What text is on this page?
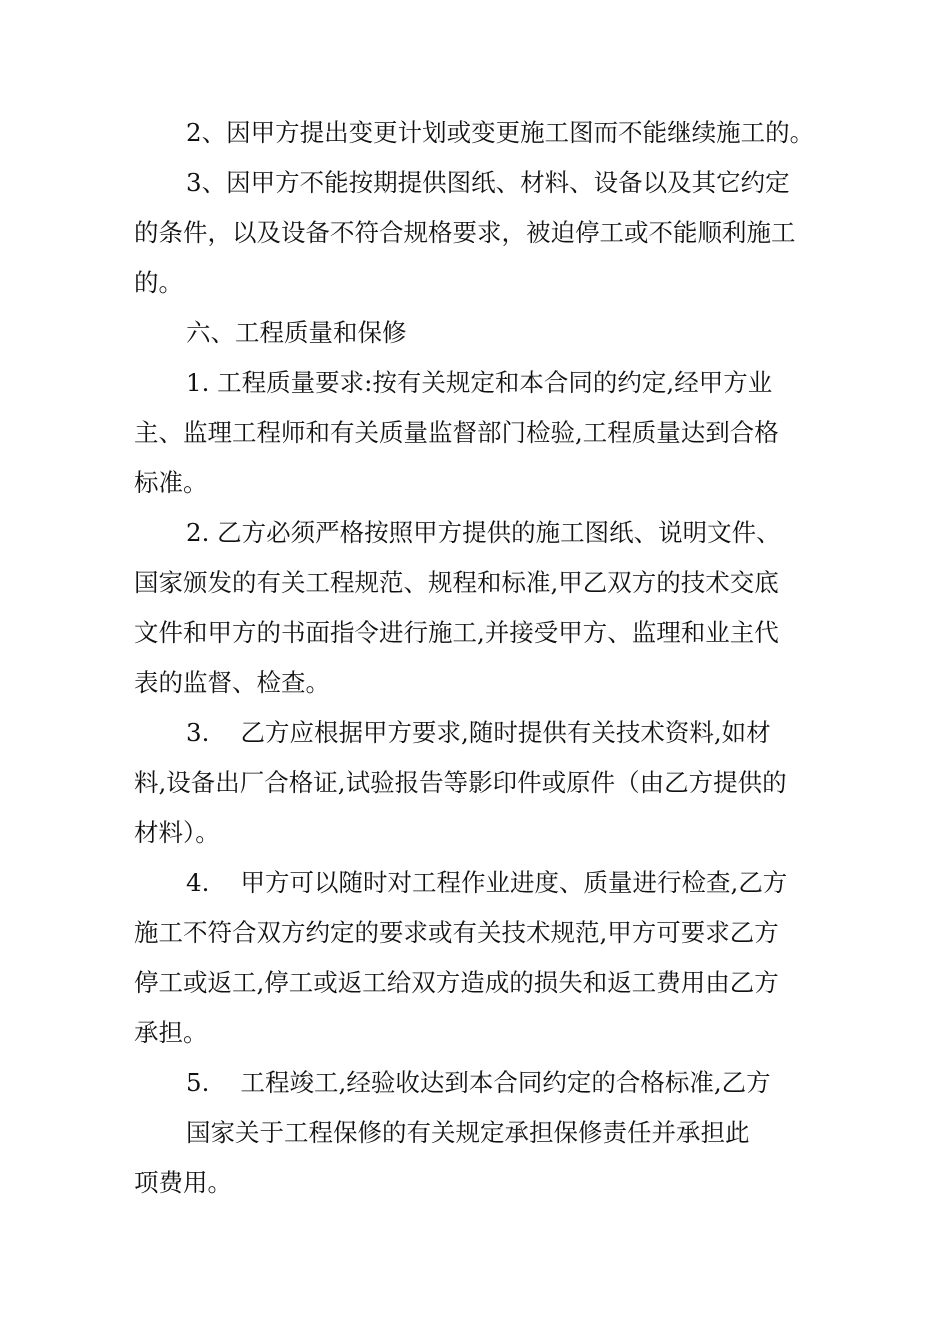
2、因甲方提出变更计划或变更施工图而不能继续施工的。
3、因甲方不能按期提供图纸、材料、设备以及其它约定
的条件，以及设备不符合规格要求，被迫停工或不能顺利施工
的。
六、工程质量和保修
1. 工程质量要求:按有关规定和本合同的约定,经甲方业
主、监理工程师和有关质量监督部门检验,工程质量达到合格
标准。
2. 乙方必须严格按照甲方提供的施工图纸、说明文件、
国家颁发的有关工程规范、规程和标准,甲乙双方的技术交底
文件和甲方的书面指令进行施工,并接受甲方、监理和业主代
表的监督、检查。
3.    乙方应根据甲方要求,随时提供有关技术资料,如材
料,设备出厂合格证,试验报告等影印件或原件（由乙方提供的
材料）。
4.    甲方可以随时对工程作业进度、质量进行检查,乙方
施工不符合双方约定的要求或有关技术规范,甲方可要求乙方
停工或返工,停工或返工给双方造成的损失和返工费用由乙方
承担。
5.    工程竣工,经验收达到本合同约定的合格标准,乙方
国家关于工程保修的有关规定承担保修责任并承担此
项费用。
